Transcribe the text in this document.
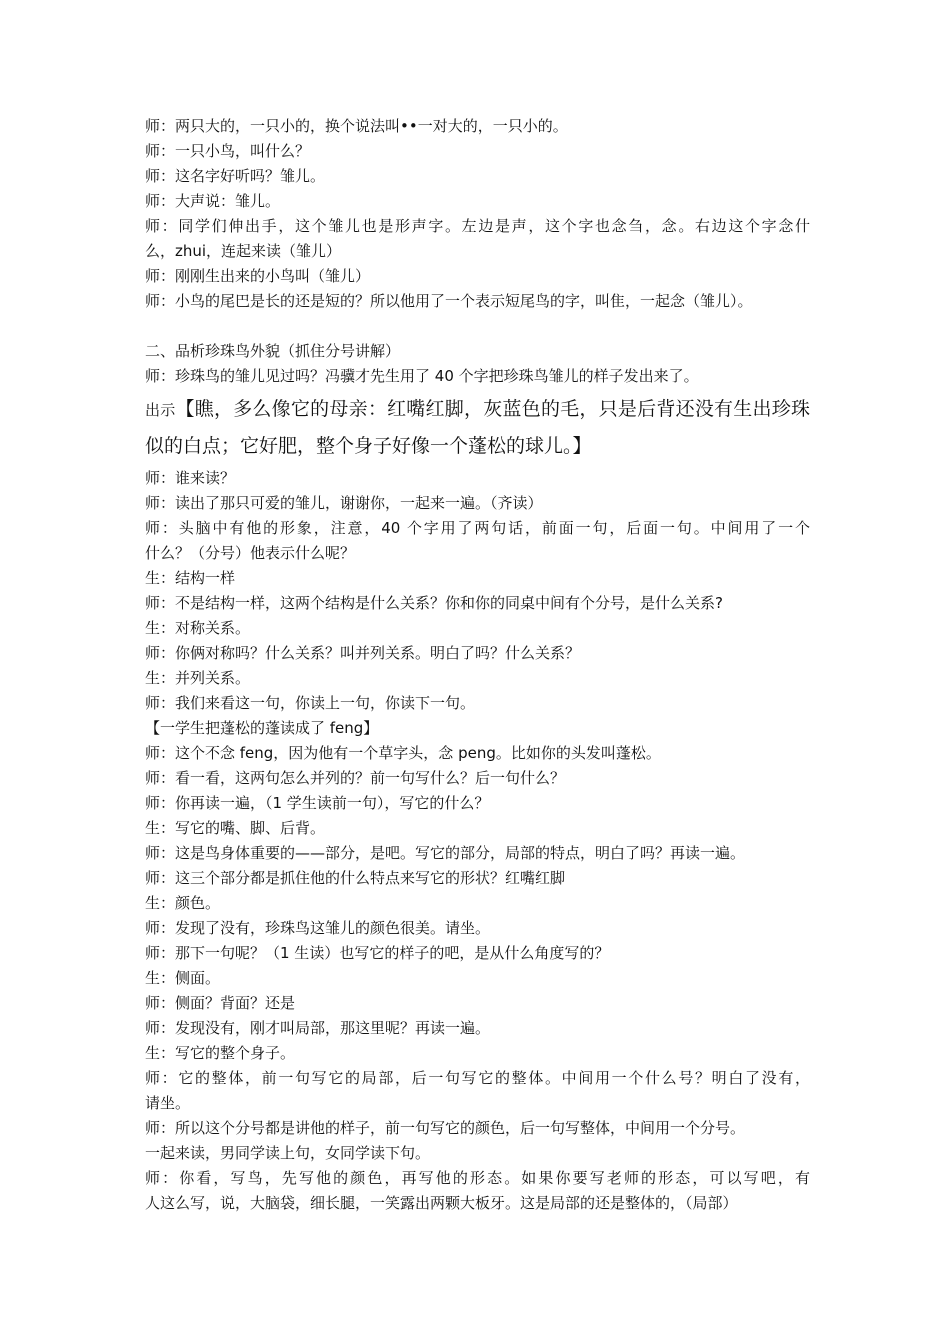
师：两只大的，一只小的，换个说法叫••一对大的，一只小的。
师：一只小鸟，叫什么？
师：这名字好听吗？雏儿。
师：大声说：雏儿。
师：同学们伸出手，这个雏儿也是形声字。左边是声，这个字也念刍，念。右边这个字念什
么，zhui，连起来读（雏儿）
师：刚刚生出来的小鸟叫（雏儿）
师：小鸟的尾巴是长的还是短的？所以他用了一个表示短尾鸟的字，叫隹，一起念（雏儿）。
二、品析珍珠鸟外貌（抓住分号讲解）
师：珍珠鸟的雏儿见过吗？冯骥才先生用了 40 个字把珍珠鸟雏儿的样子发出来了。
出示【瞧，多么像它的母亲：红嘴红脚，灰蓝色的毛，只是后背还没有生出珍珠
似的白点；它好肥，整个身子好像一个蓬松的球儿。】
师：谁来读？
师：读出了那只可爱的雏儿，谢谢你，一起来一遍。（齐读）
师：头脑中有他的形象，注意，40 个字用了两句话，前面一句，后面一句。中间用了一个
什么？（分号）他表示什么呢？
生：结构一样
师：不是结构一样，这两个结构是什么关系？你和你的同桌中间有个分号，是什么关系?
生：对称关系。
师：你俩对称吗？什么关系？叫并列关系。明白了吗？什么关系？
生：并列关系。
师：我们来看这一句，你读上一句，你读下一句。
【一学生把蓬松的蓬读成了 feng】
师：这个不念 feng，因为他有一个草字头，念 peng。比如你的头发叫蓬松。
师：看一看，这两句怎么并列的？前一句写什么？后一句什么？
师：你再读一遍，（1 学生读前一句），写它的什么？
生：写它的嘴、脚、后背。
师：这是鸟身体重要的——部分，是吧。写它的部分，局部的特点，明白了吗？再读一遍。
师：这三个部分都是抓住他的什么特点来写它的形状？红嘴红脚
生：颜色。
师：发现了没有，珍珠鸟这雏儿的颜色很美。请坐。
师：那下一句呢？（1 生读）也写它的样子的吧，是从什么角度写的？
生：侧面。
师：侧面？背面？还是
师：发现没有，刚才叫局部，那这里呢？再读一遍。
生：写它的整个身子。
师：它的整体，前一句写它的局部，后一句写它的整体。中间用一个什么号？明白了没有，
请坐。
师：所以这个分号都是讲他的样子，前一句写它的颜色，后一句写整体，中间用一个分号。
一起来读，男同学读上句，女同学读下句。
师：你看，写鸟，先写他的颜色，再写他的形态。如果你要写老师的形态，可以写吧，有
人这么写，说，大脑袋，细长腿，一笑露出两颗大板牙。这是局部的还是整体的，（局部）
